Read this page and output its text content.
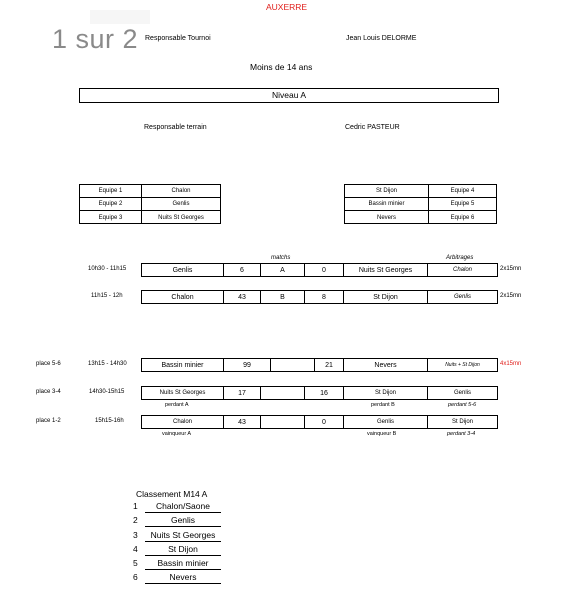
AUXERRE
1 sur 2 Responsable Tournoi	Jean Louis DELORME
Moins de 14 ans
Niveau A
Responsable terrain	Cedric PASTEUR
Equipe 1	Chalon
Equipe 2	Genlis
Equipe 3	Nuits St Georges
St Dijon	Equipe 4
Bassin minier	Equipe 5
Nevers	Equipe 6
matchs	Arbitrages
10h30 - 11h15	Genlis	6	A	0	Nuits St Georges	Chalon	2x15mn
11h15 - 12h	Chalon	43	B	8	St Dijon	Genlis	2x15mn
place 5-6	13h15 - 14h30	Bassin minier	99	21	Nevers	Nuits + St Dijon	4x15mn
place 3-4	14h30-15h15	Nuits St Georges	17	16	St Dijon	Genlis
perdant A	perdant B	perdant 5-6
place 1-2	15h15-16h	Chalon	43	0	Genlis	St Dijon
vainqueur A	vainqueur B	perdant 3-4
Classement M14 A
1	Chalon/Saone
2	Genlis
3	Nuits St Georges
4	St Dijon
5	Bassin minier
6	Nevers
